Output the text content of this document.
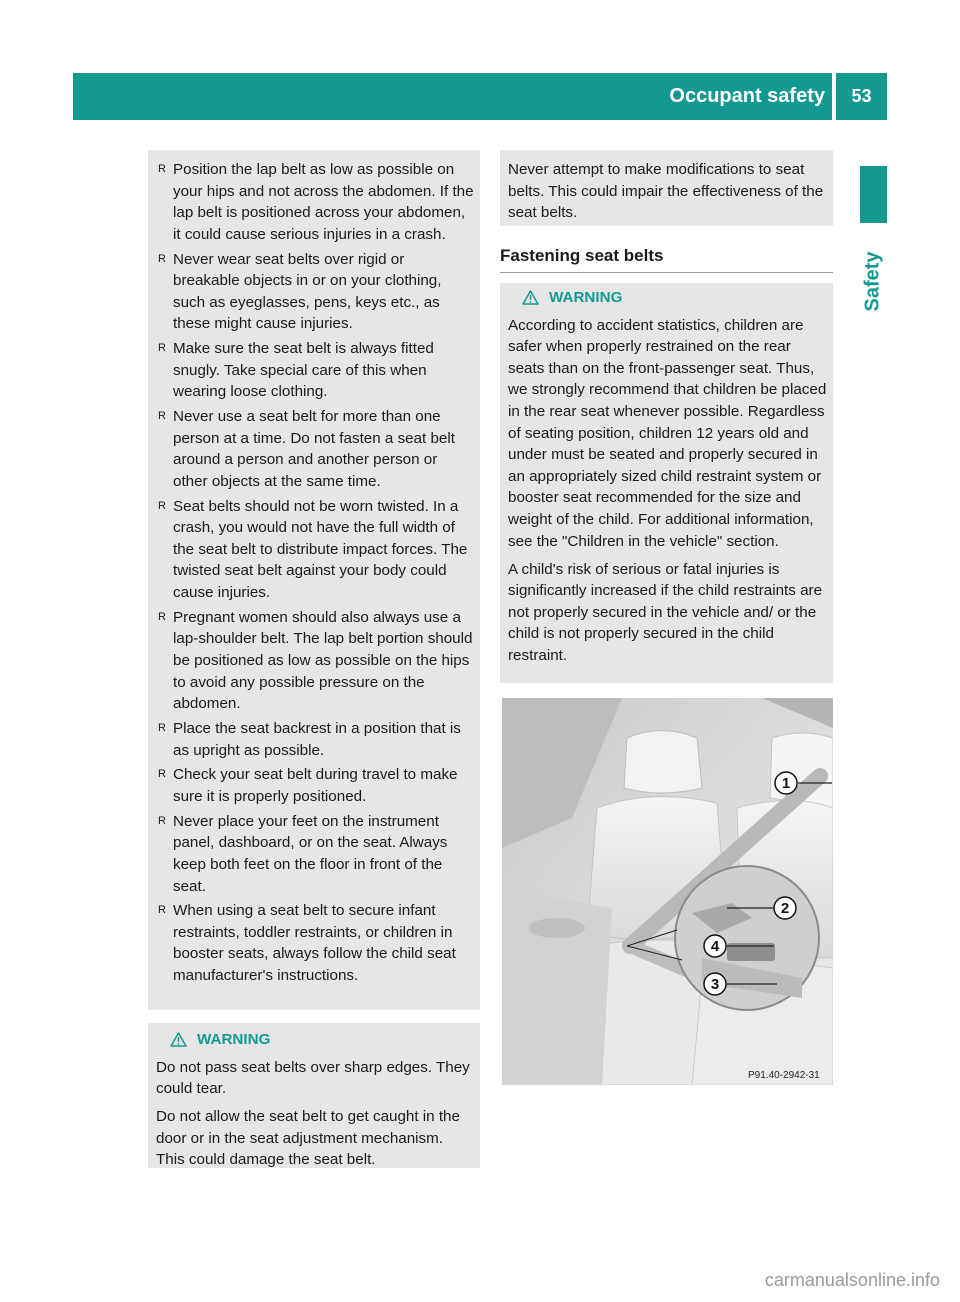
Occupant safety	53
Safety
R Position the lap belt as low as possible on your hips and not across the abdomen. If the lap belt is positioned across your abdomen, it could cause serious injuries in a crash.
R Never wear seat belts over rigid or breakable objects in or on your clothing, such as eyeglasses, pens, keys etc., as these might cause injuries.
R Make sure the seat belt is always fitted snugly. Take special care of this when wearing loose clothing.
R Never use a seat belt for more than one person at a time. Do not fasten a seat belt around a person and another person or other objects at the same time.
R Seat belts should not be worn twisted. In a crash, you would not have the full width of the seat belt to distribute impact forces. The twisted seat belt against your body could cause injuries.
R Pregnant women should also always use a lap-shoulder belt. The lap belt portion should be positioned as low as possible on the hips to avoid any possible pressure on the abdomen.
R Place the seat backrest in a position that is as upright as possible.
R Check your seat belt during travel to make sure it is properly positioned.
R Never place your feet on the instrument panel, dashboard, or on the seat. Always keep both feet on the floor in front of the seat.
R When using a seat belt to secure infant restraints, toddler restraints, or children in booster seats, always follow the child seat manufacturer's instructions.
WARNING

Do not pass seat belts over sharp edges. They could tear.

Do not allow the seat belt to get caught in the door or in the seat adjustment mechanism. This could damage the seat belt.

Never attempt to make modifications to seat belts. This could impair the effectiveness of the seat belts.

Fastening seat belts
WARNING

According to accident statistics, children are safer when properly restrained on the rear seats than on the front-passenger seat. Thus, we strongly recommend that children be placed in the rear seat whenever possible. Regardless of seating position, children 12 years old and under must be seated and properly secured in an appropriately sized child restraint system or booster seat recommended for the size and weight of the child. For additional information, see the "Children in the vehicle" section.

A child's risk of serious or fatal injuries is significantly increased if the child restraints are not properly secured in the vehicle and/ or the child is not properly secured in the child restraint.

1
2
4
3
P91.40-2942-31
carmanualsonline.info
